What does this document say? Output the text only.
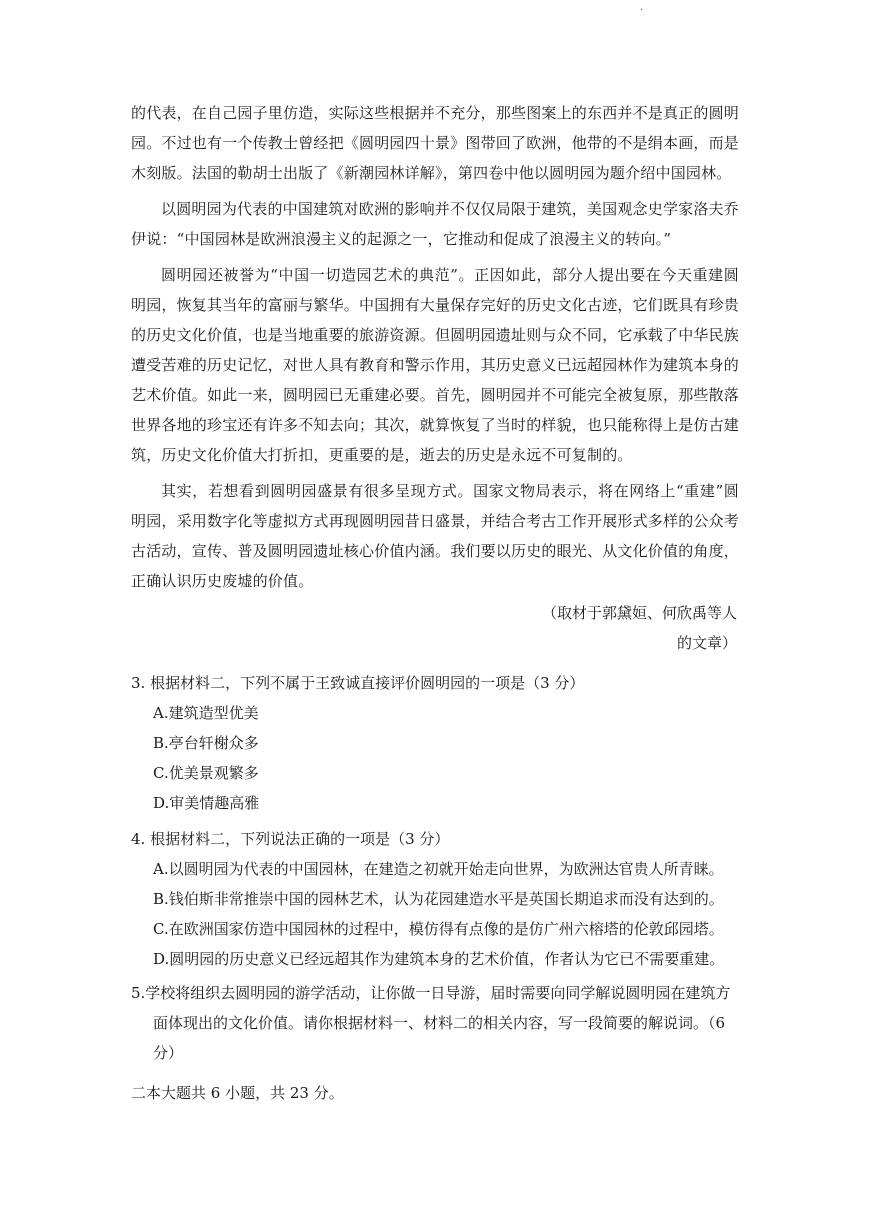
·

的代表，在自己园子里仿造，实际这些根据并不充分，那些图案上的东西并不是真正的圆明园。不过也有一个传教士曾经把《圆明园四十景》图带回了欧洲，他带的不是绢本画，而是木刻版。法国的勒胡士出版了《新潮园林详解》，第四卷中他以圆明园为题介绍中国园林。

以圆明园为代表的中国建筑对欧洲的影响并不仅仅局限于建筑，美国观念史学家洛夫乔伊说：“中国园林是欧洲浪漫主义的起源之一，它推动和促成了浪漫主义的转向。”

圆明园还被誉为“中国一切造园艺术的典范”。正因如此，部分人提出要在今天重建圆明园，恢复其当年的富丽与繁华。中国拥有大量保存完好的历史文化古迹，它们既具有珍贵的历史文化价值，也是当地重要的旅游资源。但圆明园遗址则与众不同，它承载了中华民族遭受苦难的历史记忆，对世人具有教育和警示作用，其历史意义已远超园林作为建筑本身的艺术价值。如此一来，圆明园已无重建必要。首先，圆明园并不可能完全被复原，那些散落世界各地的珍宝还有许多不知去向；其次，就算恢复了当时的样貌，也只能称得上是仿古建筑，历史文化价值大打折扣，更重要的是，逝去的历史是永远不可复制的。

其实，若想看到圆明园盛景有很多呈现方式。国家文物局表示，将在网络上“重建”圆明园，采用数字化等虚拟方式再现圆明园昔日盛景，并结合考古工作开展形式多样的公众考古活动，宣传、普及圆明园遗址核心价值内涵。我们要以历史的眼光、从文化价值的角度，正确认识历史废墟的价值。

（取材于郭黛姮、何欣禹等人
的文章）
3. 根据材料二，下列不属于王致诚直接评价圆明园的一项是（3 分）
A.建筑造型优美
B.亭台轩榭众多
C.优美景观繁多
D.审美情趣高雅
4. 根据材料二，下列说法正确的一项是（3 分）
A.以圆明园为代表的中国园林，在建造之初就开始走向世界，为欧洲达官贵人所青睐。
B.钱伯斯非常推崇中国的园林艺术，认为花园建造水平是英国长期追求而没有达到的。
C.在欧洲国家仿造中国园林的过程中，模仿得有点像的是仿广州六榕塔的伦敦邱园塔。
D.圆明园的历史意义已经远超其作为建筑本身的艺术价值，作者认为它已不需要重建。
5.学校将组织去圆明园的游学活动，让你做一日导游，届时需要向同学解说圆明园在建筑方面体现出的文化价值。请你根据材料一、材料二的相关内容，写一段简要的解说词。（6 分）
二本大题共 6 小题，共 23 分。
